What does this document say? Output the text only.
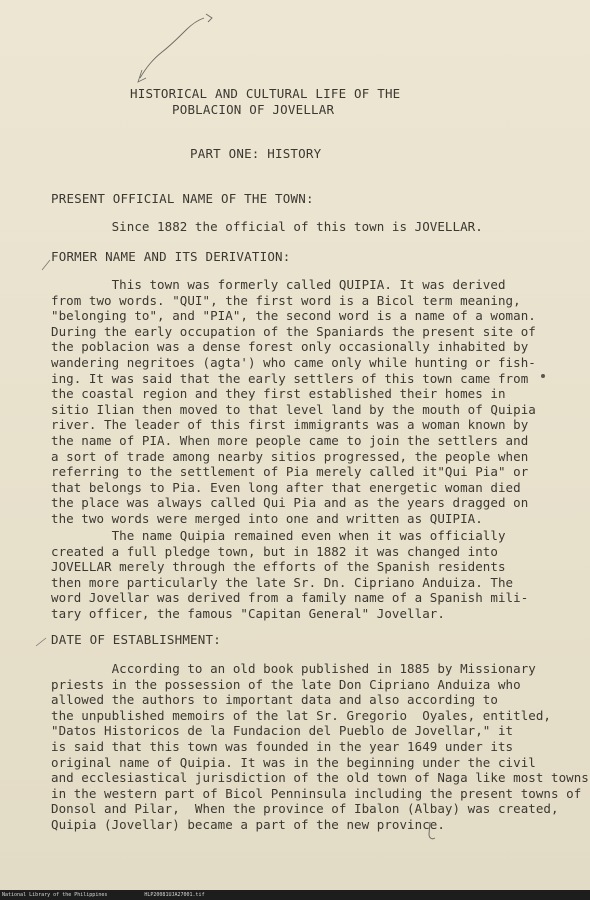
HISTORICAL AND CULTURAL LIFE OF THE
POBLACION OF JOVELLAR
PART ONE: HISTORY
PRESENT OFFICIAL NAME OF THE TOWN:
Since 1882 the official of this town is JOVELLAR.
FORMER NAME AND ITS DERIVATION:
This town was formerly called QUIPIA. It was derived
from two words. "QUI", the first word is a Bicol term meaning,
"belonging to", and "PIA", the second word is a name of a woman.
During the early occupation of the Spaniards the present site of
the poblacion was a dense forest only occasionally inhabited by
wandering negritoes (agta') who came only while hunting or fish-
ing. It was said that the early settlers of this town came from
the coastal region and they first established their homes in
sitio Ilian then moved to that level land by the mouth of Quipia
river. The leader of this first immigrants was a woman known by
the name of PIA. When more people came to join the settlers and
a sort of trade among nearby sitios progressed, the people when
referring to the settlement of Pia merely called it"Qui Pia" or
that belongs to Pia. Even long after that energetic woman died
the place was always called Qui Pia and as the years dragged on
the two words were merged into one and written as QUIPIA.
The name Quipia remained even when it was officially
created a full pledge town, but in 1882 it was changed into
JOVELLAR merely through the efforts of the Spanish residents
then more particularly the late Sr. Dn. Cipriano Anduiza. The
word Jovellar was derived from a family name of a Spanish mili-
tary officer, the famous "Capitan General" Jovellar.
DATE OF ESTABLISHMENT:
According to an old book published in 1885 by Missionary
priests in the possession of the late Don Cipriano Anduiza who
allowed the authors to important data and also according to
the unpublished memoirs of the lat Sr. Gregorio  Oyales, entitled,
"Datos Historicos de la Fundacion del Pueblo de Jovellar," it
is said that this town was founded in the year 1649 under its
original name of Quipia. It was in the beginning under the civil
and ecclesiastical jurisdiction of the old town of Naga like most towns
in the western part of Bicol Penninsula including the present towns of
Donsol and Pilar,  When the province of Ibalon (Albay) was created,
Quipia (Jovellar) became a part of the new province.
National Library of the Philippines	HLP20081UJA27001.tif
